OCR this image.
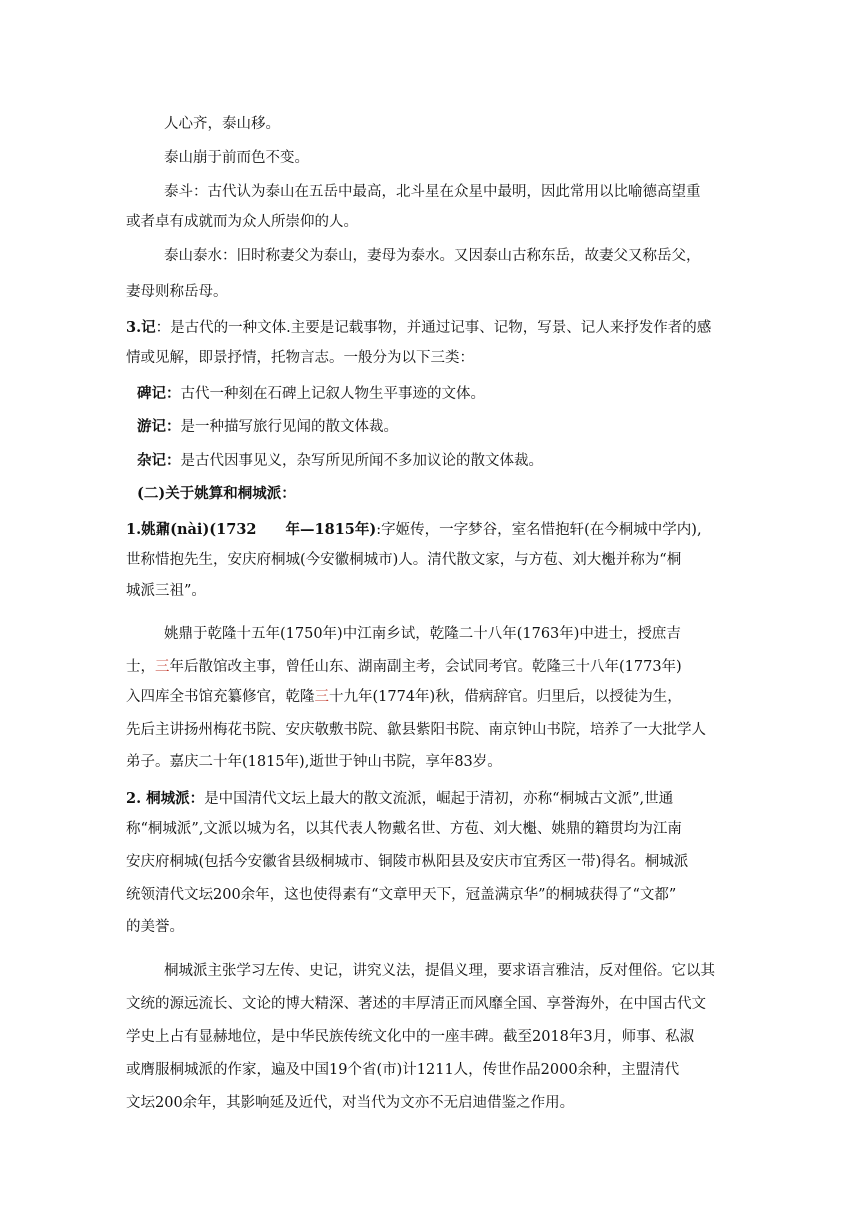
人心齐，泰山移。
泰山崩于前而色不变。
泰斗：古代认为泰山在五岳中最高，北斗星在众星中最明，因此常用以比喻德高望重
或者卓有成就而为众人所崇仰的人。
泰山泰水：旧时称妻父为泰山，妻母为泰水。又因泰山古称东岳，故妻父又称岳父，
妻母则称岳母。
3.记：是古代的一种文体.主要是记载事物，并通过记事、记物，写景、记人来抒发作者的感
情或见解，即景抒情，托物言志。一般分为以下三类：
碑记：古代一种刻在石碑上记叙人物生平事迹的文体。
游记：是一种描写旅行见闻的散文体裁。
杂记：是古代因事见义，杂写所见所闻不多加议论的散文体裁。
(二)关于姚算和桐城派：
1.姚鼐(nài)(1732　　年—1815年):字姬传，一字梦谷，室名惜抱轩(在今桐城中学内),
世称惜抱先生，安庆府桐城(今安徽桐城市)人。清代散文家，与方苞、刘大櫆并称为“桐
城派三祖”。
姚鼎于乾隆十五年(1750年)中江南乡试，乾隆二十八年(1763年)中进士，授庶吉
士，三年后散馆改主事，曾任山东、湖南副主考，会试同考官。乾隆三十八年(1773年)
入四库全书馆充纂修官，乾隆三十九年(1774年)秋，借病辞官。归里后，以授徒为生，
先后主讲扬州梅花书院、安庆敬敷书院、歙县紫阳书院、南京钟山书院，培养了一大批学人
弟子。嘉庆二十年(1815年),逝世于钟山书院，享年83岁。
2. 桐城派：是中国清代文坛上最大的散文流派，崛起于清初，亦称“桐城古文派”,世通
称“桐城派”,文派以城为名，以其代表人物戴名世、方苞、刘大櫆、姚鼎的籍贯均为江南
安庆府桐城(包括今安徽省县级桐城市、铜陵市枞阳县及安庆市宜秀区一带)得名。桐城派
统领清代文坛200余年，这也使得素有“文章甲天下，冠盖满京华”的桐城获得了“文都”
的美誉。
桐城派主张学习左传、史记，讲究义法，提倡义理，要求语言雅洁，反对俚俗。它以其
文统的源远流长、文论的博大精深、著述的丰厚清正而风靡全国、享誉海外，在中国古代文
学史上占有显赫地位，是中华民族传统文化中的一座丰碑。截至2018年3月，师事、私淑
或膺服桐城派的作家，遍及中国19个省(市)计1211人，传世作品2000余种，主盟清代
文坛200余年，其影响延及近代，对当代为文亦不无启迪借鉴之作用。
